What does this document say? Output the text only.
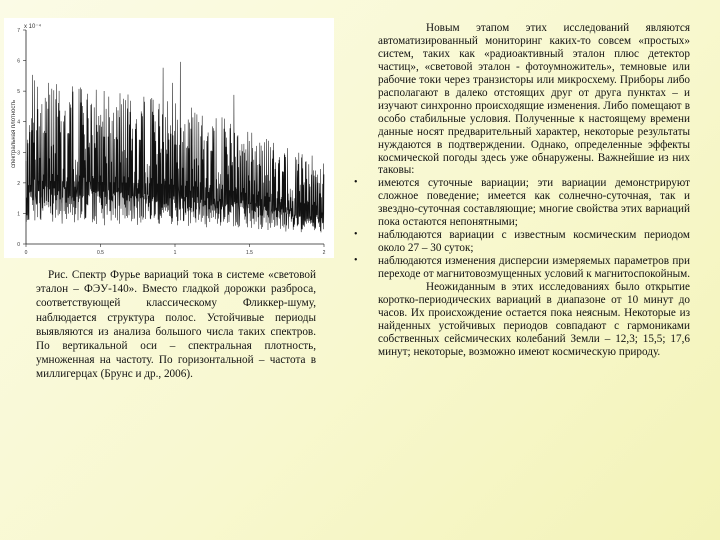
x 10⁻⁴
спектральная плотность
7
6
5
4
3
2
1
0
0	0.5	1	1.5	2

Рис. Спектр Фурье вариаций тока в системе «световой эталон – ФЭУ-140». Вместо гладкой дорожки разброса, соответствующей классическому Фликкер-шуму, наблюдается структура полос. Устойчивые периоды выявляются из анализа большого числа таких спектров. По вертикальной оси – спектральная плотность, умноженная на частоту. По горизонтальной – частота в миллигерцах (Брунс и др., 2006).

Новым этапом этих исследований являются автоматизированный мониторинг каких-то совсем «простых» систем, таких как «радиоактивный эталон плюс детектор частиц», «световой эталон - фотоумножитель», темновые или рабочие токи через транзисторы или микросхему. Приборы либо располагают в далеко отстоящих друг от друга пунктах – и изучают синхронно происходящие изменения. Либо помещают в особо стабильные условия. Полученные к настоящему времени данные носят предварительный характер, некоторые результаты нуждаются в подтверждении. Однако, определенные эффекты космической погоды здесь уже обнаружены. Важнейшие из них таковы:

• имеются суточные вариации; эти вариации демонстрируют сложное поведение; имеется как солнечно-суточная, так и звездно-суточная составляющие; многие свойства этих вариаций пока остаются непонятными;
• наблюдаются вариации с известным космическим периодом около 27 – 30 суток;
• наблюдаются изменения дисперсии измеряемых параметров при переходе от магнитовозмущенных условий к магнитоспокойным.

Неожиданным в этих исследованиях было открытие коротко-периодических вариаций в диапазоне от 10 минут до часов. Их происхождение остается пока неясным. Некоторые из найденных устойчивых периодов совпадают с гармониками собственных сейсмических колебаний Земли – 12,3; 15,5; 17,6 минут; некоторые, возможно имеют космическую природу.
